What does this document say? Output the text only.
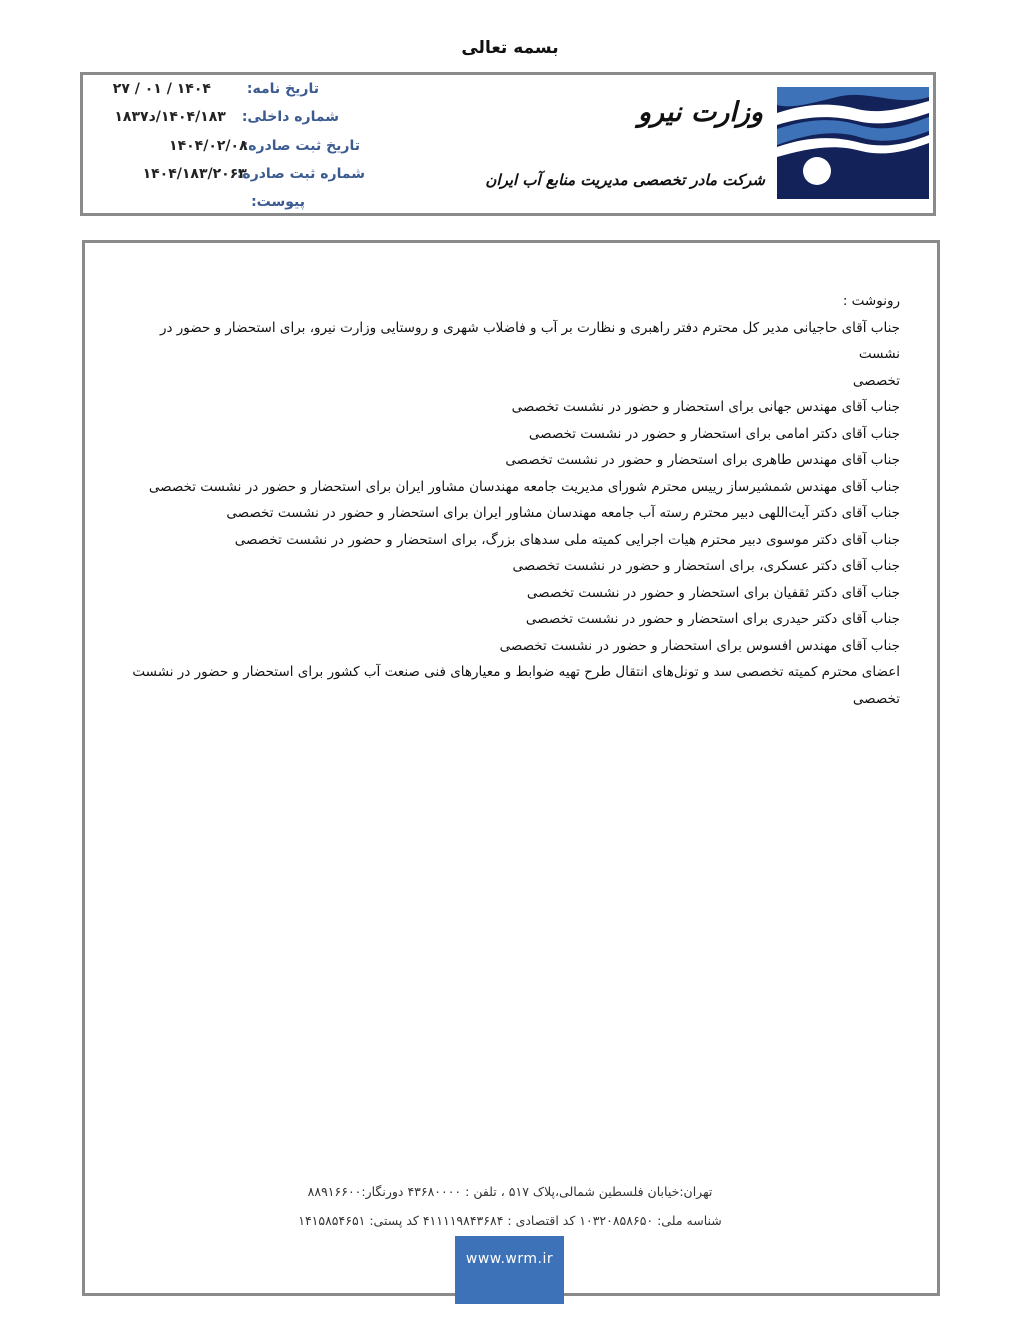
بسمه تعالی
وزارت نیرو
شرکت مادر تخصصی مدیریت منابع آب ایران
تاریخ نامه:
۱۴۰۴ / ۰۱ / ۲۷
شماره داخلی:
۱۴۰۴/۱۸۳/د۱۸۳۷
تاریخ ثبت صادره:
۱۴۰۴/۰۲/۰۸
شماره ثبت صادره:
۱۴۰۴/۱۸۳/۲۰۶۳
پیوست:
رونوشت :
جناب آقای حاجیانی مدیر کل محترم دفتر راهبری و نظارت بر آب و فاضلاب شهری و روستایی وزارت نیرو، برای استحضار و حضور در نشست
تخصصی
جناب آقای مهندس جهانی برای استحضار و حضور در نشست تخصصی
جناب آقای دکتر امامی برای استحضار و حضور در نشست تخصصی
جناب آقای مهندس طاهری برای استحضار و حضور در نشست تخصصی
جناب آقای مهندس شمشیرساز رییس محترم شورای مدیریت جامعه مهندسان مشاور ایران برای استحضار و حضور در نشست تخصصی
جناب آقای دکتر آیت‌اللهی دبیر محترم رسته آب جامعه مهندسان مشاور ایران برای استحضار و حضور در نشست تخصصی
جناب آقای دکتر موسوی دبیر محترم هیات اجرایی کمیته ملی سدهای بزرگ، برای استحضار و حضور در نشست تخصصی
جناب آقای دکتر عسکری، برای استحضار و حضور در نشست تخصصی
جناب آقای دکتر ثقفیان برای استحضار و حضور در نشست تخصصی
جناب آقای دکتر حیدری برای استحضار و حضور در نشست تخصصی
جناب آقای مهندس افسوس برای استحضار و حضور در نشست تخصصی
اعضای محترم کمیته تخصصی سد و تونل‌های انتقال طرح تهیه ضوابط و معیارهای فنی صنعت آب کشور برای استحضار و حضور در نشست تخصصی
تهران:خیابان فلسطین شمالی،پلاک ۵۱۷ ، تلفن : ۴۳۶۸۰۰۰۰ دورنگار:۸۸۹۱۶۶۰۰
شناسه ملی: ۱۰۳۲۰۸۵۸۶۵۰ کد اقتصادی : ۴۱۱۱۱۹۸۴۳۶۸۴ کد پستی: ۱۴۱۵۸۵۴۶۵۱
www.wrm.ir
